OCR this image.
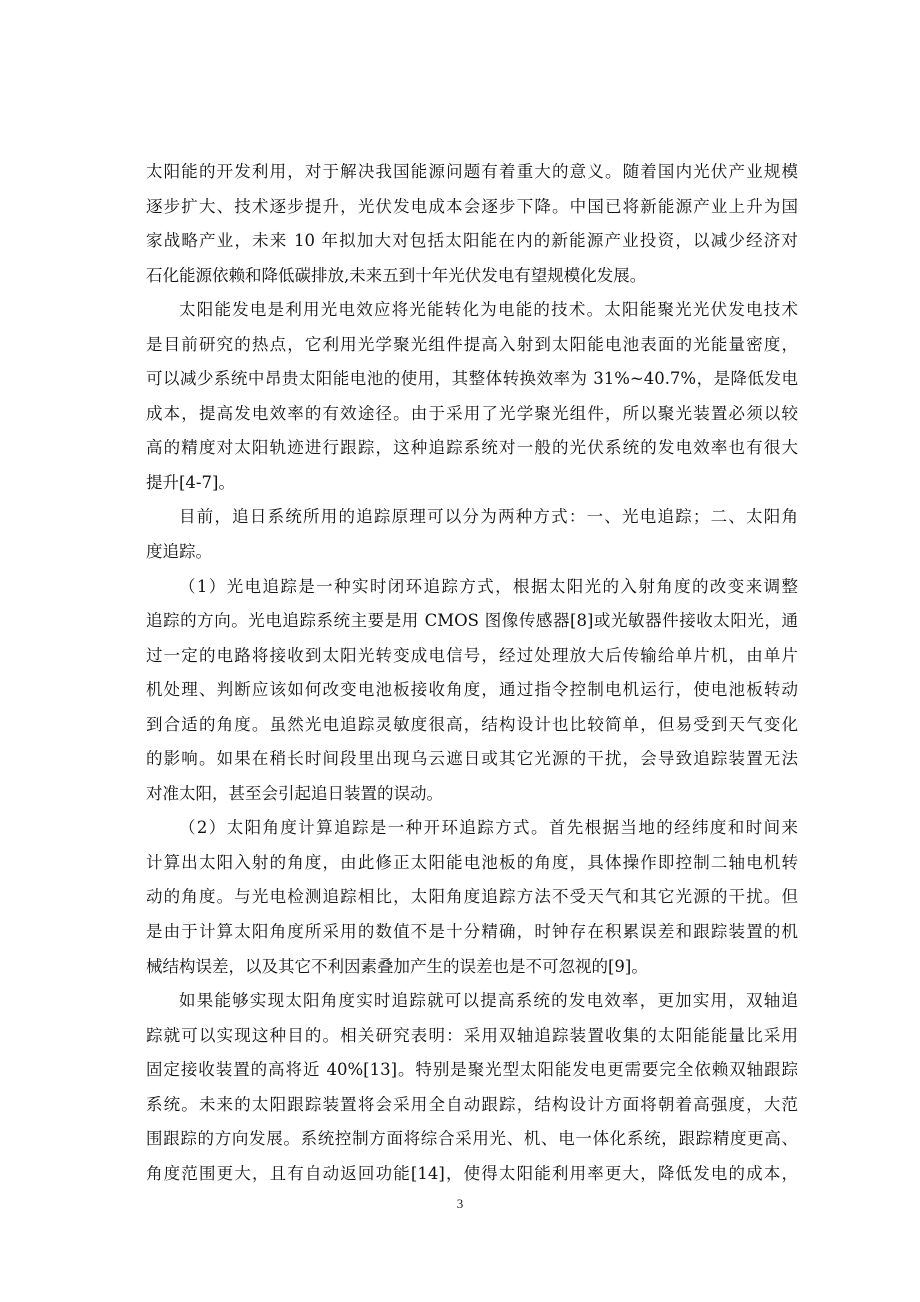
太阳能的开发利用，对于解决我国能源问题有着重大的意义。随着国内光伏产业规模
逐步扩大、技术逐步提升，光伏发电成本会逐步下降。中国已将新能源产业上升为国
家战略产业，未来 10 年拟加大对包括太阳能在内的新能源产业投资，以减少经济对
石化能源依赖和降低碳排放,未来五到十年光伏发电有望规模化发展。
太阳能发电是利用光电效应将光能转化为电能的技术。太阳能聚光光伏发电技术
是目前研究的热点，它利用光学聚光组件提高入射到太阳能电池表面的光能量密度，
可以减少系统中昂贵太阳能电池的使用，其整体转换效率为 31%~40.7%，是降低发电
成本，提高发电效率的有效途径。由于采用了光学聚光组件，所以聚光装置必须以较
高的精度对太阳轨迹进行跟踪，这种追踪系统对一般的光伏系统的发电效率也有很大
提升[4-7]。
目前，追日系统所用的追踪原理可以分为两种方式：一、光电追踪；二、太阳角
度追踪。
（1）光电追踪是一种实时闭环追踪方式，根据太阳光的入射角度的改变来调整
追踪的方向。光电追踪系统主要是用 CMOS 图像传感器[8]或光敏器件接收太阳光，通
过一定的电路将接收到太阳光转变成电信号，经过处理放大后传输给单片机，由单片
机处理、判断应该如何改变电池板接收角度，通过指令控制电机运行，使电池板转动
到合适的角度。虽然光电追踪灵敏度很高，结构设计也比较简单，但易受到天气变化
的影响。如果在稍长时间段里出现乌云遮日或其它光源的干扰，会导致追踪装置无法
对准太阳，甚至会引起追日装置的误动。
（2）太阳角度计算追踪是一种开环追踪方式。首先根据当地的经纬度和时间来
计算出太阳入射的角度，由此修正太阳能电池板的角度，具体操作即控制二轴电机转
动的角度。与光电检测追踪相比，太阳角度追踪方法不受天气和其它光源的干扰。但
是由于计算太阳角度所采用的数值不是十分精确，时钟存在积累误差和跟踪装置的机
械结构误差，以及其它不利因素叠加产生的误差也是不可忽视的[9]。
如果能够实现太阳角度实时追踪就可以提高系统的发电效率，更加实用，双轴追
踪就可以实现这种目的。相关研究表明：采用双轴追踪装置收集的太阳能能量比采用
固定接收装置的高将近 40%[13]。特别是聚光型太阳能发电更需要完全依赖双轴跟踪
系统。未来的太阳跟踪装置将会采用全自动跟踪，结构设计方面将朝着高强度，大范
围跟踪的方向发展。系统控制方面将综合采用光、机、电一体化系统，跟踪精度更高、
角度范围更大，且有自动返回功能[14]，使得太阳能利用率更大，降低发电的成本，
3
